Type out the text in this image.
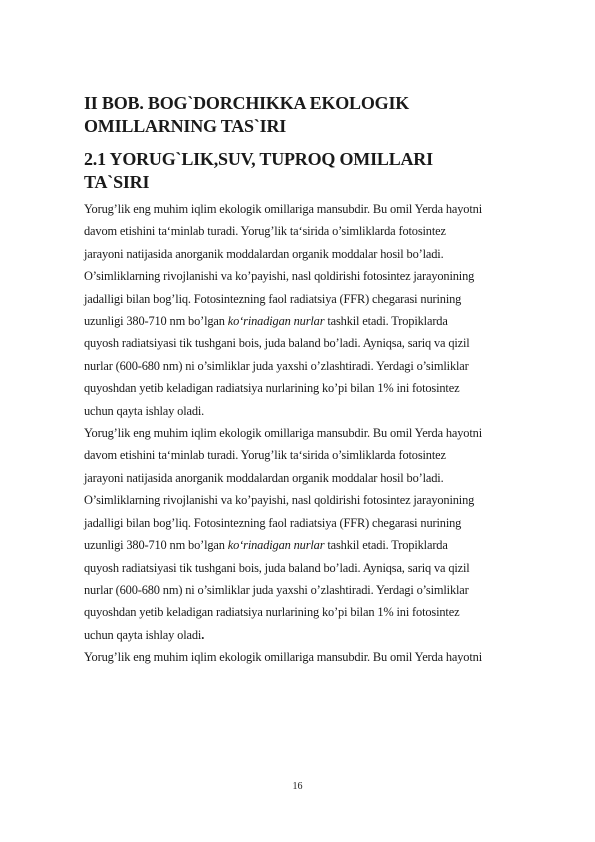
II BOB. BOG`DORCHIKKA EKOLOGIK
OMILLARNING TAS`IRI
2.1 YORUG`LIK,SUV, TUPROQ OMILLARI
TA`SIRI
Yorug’lik eng muhim iqlim ekologik omillariga mansubdir. Bu omil Yerda hayotni
davom etishini ta‘minlab turadi. Yorug’lik ta‘sirida o’simliklarda fotosintez
jarayoni natijasida anorganik moddalardan organik moddalar hosil bo’ladi.
O’simliklarning rivojlanishi va ko’payishi, nasl qoldirishi fotosintez jarayonining
jadalligi bilan bog’liq. Fotosintezning faol radiatsiya (FFR) chegarasi nurining
uzunligi 380-710 nm bo’lgan ko‘rinadigan nurlar tashkil etadi. Tropiklarda
quyosh radiatsiyasi tik tushgani bois, juda baland bo’ladi. Ayniqsa, sariq va qizil
nurlar (600-680 nm) ni o’simliklar juda yaxshi o’zlashtiradi. Yerdagi o’simliklar
quyoshdan yetib keladigan radiatsiya nurlarining ko’pi bilan 1% ini fotosintez
uchun qayta ishlay oladi.
Yorug’lik eng muhim iqlim ekologik omillariga mansubdir. Bu omil Yerda hayotni
davom etishini ta‘minlab turadi. Yorug’lik ta‘sirida o’simliklarda fotosintez
jarayoni natijasida anorganik moddalardan organik moddalar hosil bo’ladi.
O’simliklarning rivojlanishi va ko’payishi, nasl qoldirishi fotosintez jarayonining
jadalligi bilan bog’liq. Fotosintezning faol radiatsiya (FFR) chegarasi nurining
uzunligi 380-710 nm bo’lgan ko‘rinadigan nurlar tashkil etadi. Tropiklarda
quyosh radiatsiyasi tik tushgani bois, juda baland bo’ladi. Ayniqsa, sariq va qizil
nurlar (600-680 nm) ni o’simliklar juda yaxshi o’zlashtiradi. Yerdagi o’simliklar
quyoshdan yetib keladigan radiatsiya nurlarining ko’pi bilan 1% ini fotosintez
uchun qayta ishlay oladi.
Yorug’lik eng muhim iqlim ekologik omillariga mansubdir. Bu omil Yerda hayotni
16
